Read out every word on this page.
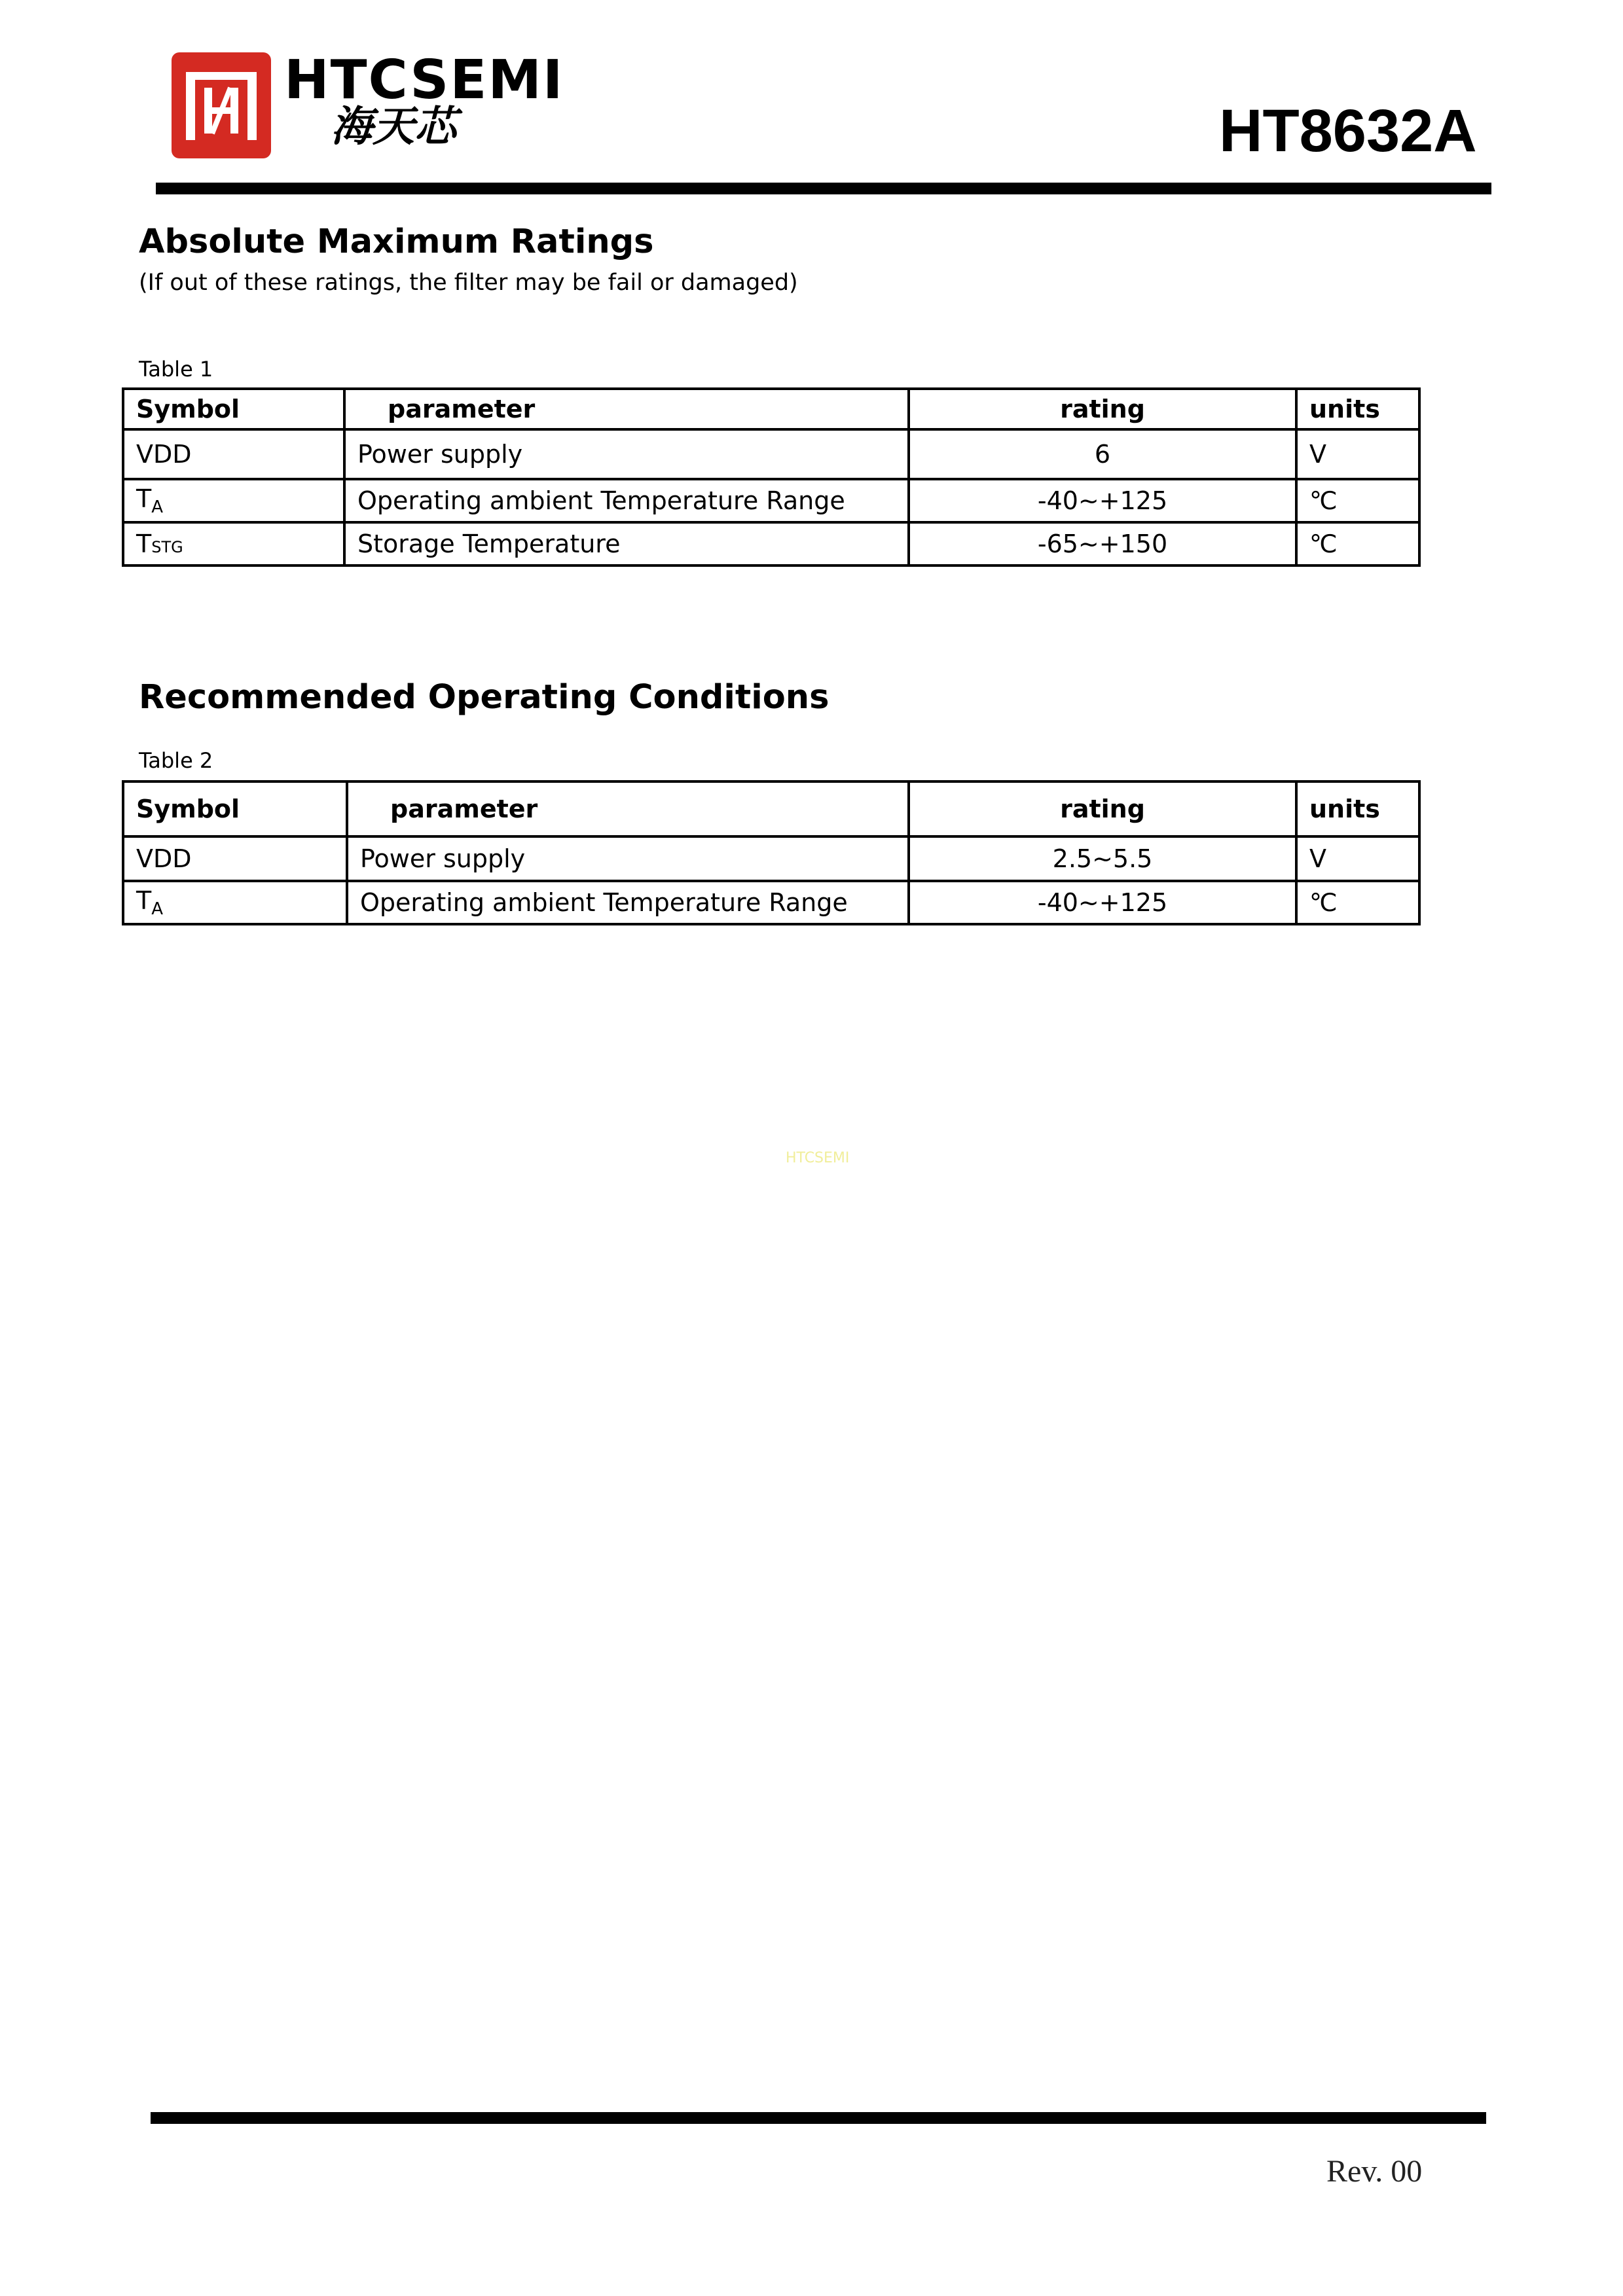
HTCSEMI
海天芯	HT8632A
Absolute Maximum Ratings
(If out of these ratings, the filter may be fail or damaged)
Table 1
Symbol	parameter	rating	units
VDD	Power supply	6	V
$T_A$	Operating ambient Temperature Range	-40~+125	℃
TSTG	Storage Temperature	-65~+150	℃
Recommended Operating Conditions
Table 2
Symbol	parameter	rating	units
VDD	Power supply	2.5~5.5	V
$T_A$	Operating ambient Temperature Range	-40~+125	℃
HTCSEMI
Rev. 00
